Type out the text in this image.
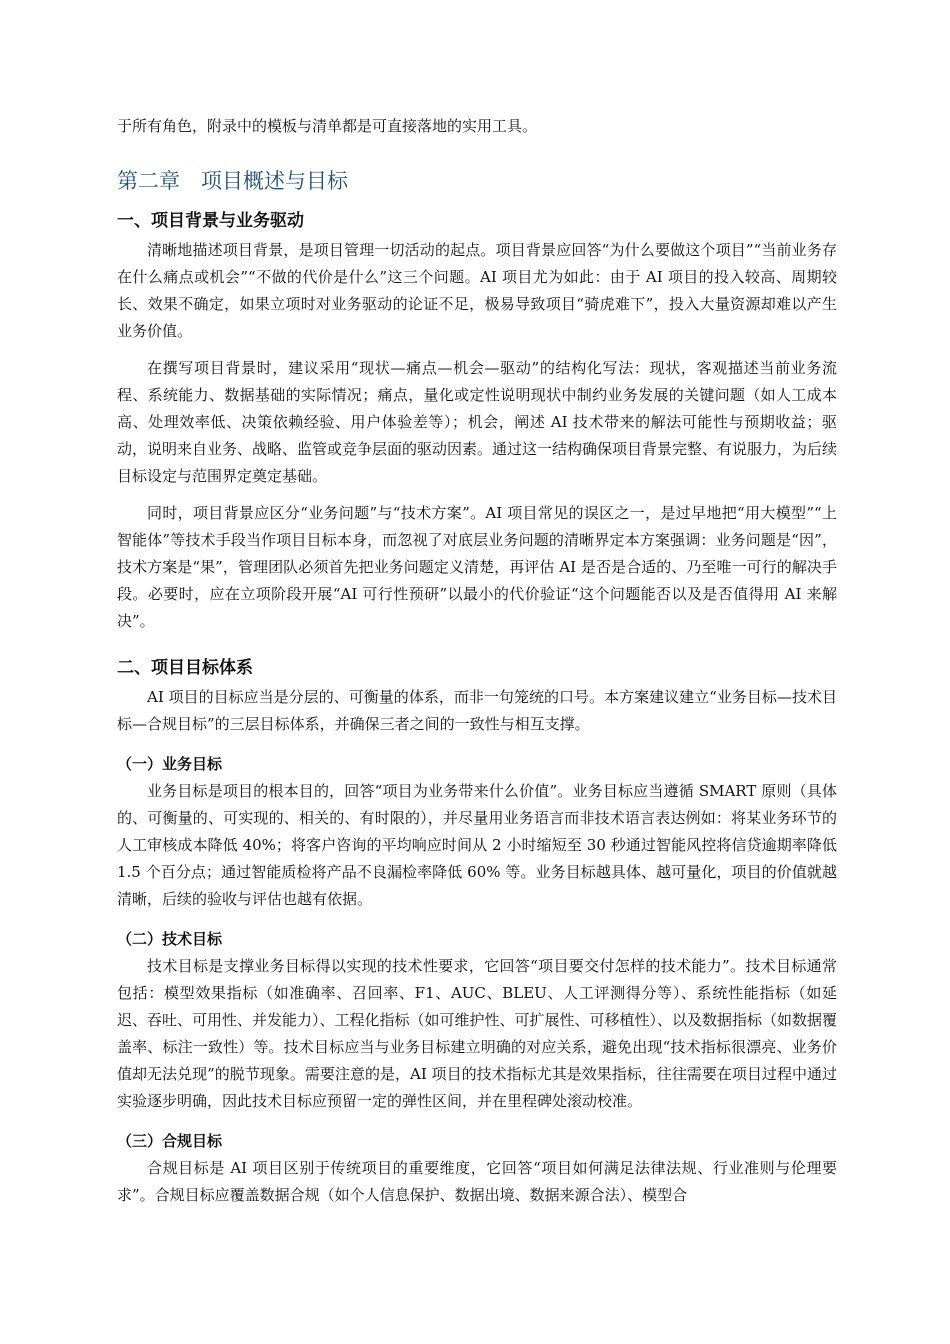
于所有角色，附录中的模板与清单都是可直接落地的实用工具。

第二章　项目概述与目标
一、项目背景与业务驱动

清晰地描述项目背景，是项目管理一切活动的起点。项目背景应回答“为什么要做这个项目”“当前业务存在什么痛点或机会”“不做的代价是什么”这三个问题。AI 项目尤为如此：由于 AI 项目的投入较高、周期较长、效果不确定，如果立项时对业务驱动的论证不足，极易导致项目“骑虎难下”，投入大量资源却难以产生业务价值。

在撰写项目背景时，建议采用“现状—痛点—机会—驱动”的结构化写法：现状，客观描述当前业务流程、系统能力、数据基础的实际情况；痛点，量化或定性说明现状中制约业务发展的关键问题（如人工成本高、处理效率低、决策依赖经验、用户体验差等）；机会，阐述 AI 技术带来的解法可能性与预期收益；驱动，说明来自业务、战略、监管或竞争层面的驱动因素。通过这一结构确保项目背景完整、有说服力，为后续目标设定与范围界定奠定基础。

同时，项目背景应区分“业务问题”与“技术方案”。AI 项目常见的误区之一，是过早地把“用大模型”“上智能体”等技术手段当作项目目标本身，而忽视了对底层业务问题的清晰界定本方案强调：业务问题是“因”，技术方案是“果”，管理团队必须首先把业务问题定义清楚，再评估 AI 是否是合适的、乃至唯一可行的解决手段。必要时，应在立项阶段开展“AI 可行性预研”以最小的代价验证“这个问题能否以及是否值得用 AI 来解决”。

二、项目目标体系

AI 项目的目标应当是分层的、可衡量的体系，而非一句笼统的口号。本方案建议建立“业务目标—技术目标—合规目标”的三层目标体系，并确保三者之间的一致性与相互支撑。

（一）业务目标

业务目标是项目的根本目的，回答“项目为业务带来什么价值”。业务目标应当遵循 SMART 原则（具体的、可衡量的、可实现的、相关的、有时限的），并尽量用业务语言而非技术语言表达例如：将某业务环节的人工审核成本降低 40%；将客户咨询的平均响应时间从 2 小时缩短至 30 秒通过智能风控将信贷逾期率降低 1.5 个百分点；通过智能质检将产品不良漏检率降低 60% 等。业务目标越具体、越可量化，项目的价值就越清晰，后续的验收与评估也越有依据。

（二）技术目标

技术目标是支撑业务目标得以实现的技术性要求，它回答“项目要交付怎样的技术能力”。技术目标通常包括：模型效果指标（如准确率、召回率、F1、AUC、BLEU、人工评测得分等）、系统性能指标（如延迟、吞吐、可用性、并发能力）、工程化指标（如可维护性、可扩展性、可移植性）、以及数据指标（如数据覆盖率、标注一致性）等。技术目标应当与业务目标建立明确的对应关系，避免出现“技术指标很漂亮、业务价值却无法兑现”的脱节现象。需要注意的是，AI 项目的技术指标尤其是效果指标，往往需要在项目过程中通过实验逐步明确，因此技术目标应预留一定的弹性区间，并在里程碑处滚动校准。

（三）合规目标

合规目标是 AI 项目区别于传统项目的重要维度，它回答“项目如何满足法律法规、行业准则与伦理要求”。合规目标应覆盖数据合规（如个人信息保护、数据出境、数据来源合法）、模型合
